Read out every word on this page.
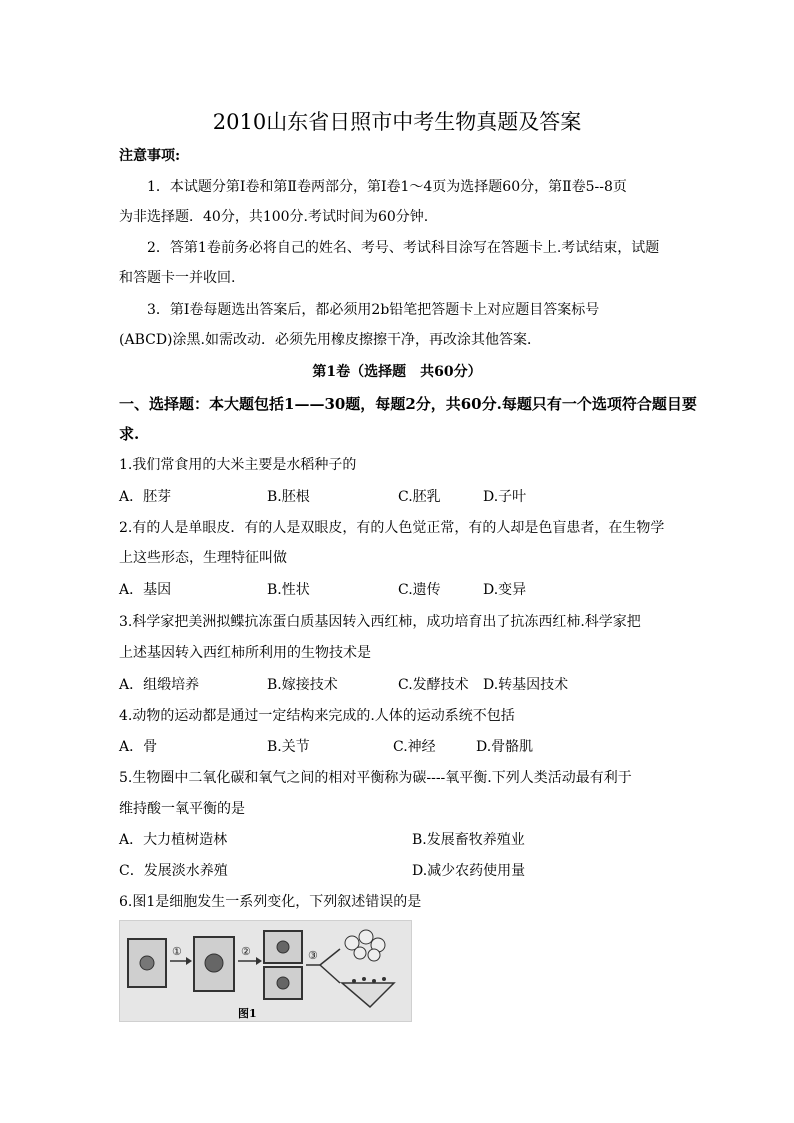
2010山东省日照市中考生物真题及答案
注意事项:
1．本试题分第Ⅰ卷和第Ⅱ卷两部分，第Ⅰ卷1～4页为选择题60分，第Ⅱ卷5--8页
为非选择题．40分，共100分.考试时间为60分钟.
2．答第1卷前务必将自己的姓名、考号、考试科目涂写在答题卡上.考试结束，试题
和答题卡一并收回.
3．第Ⅰ卷每题选出答案后，都必须用2b铅笔把答题卡上对应题目答案标号
(ABCD)涂黑.如需改动．必须先用橡皮擦擦干净，再改涂其他答案．
第1卷（选择题　共60分）
一、选择题：本大题包括1——30题，每题2分，共60分.每题只有一个选项符合题目要
求.
1.我们常食用的大米主要是水稻种子的
A．胚芽	B.胚根	C.胚乳	D.子叶
2.有的人是单眼皮．有的人是双眼皮，有的人色觉正常，有的人却是色盲患者，在生物学
上这些形态，生理特征叫做
A．基因	B.性状	C.遗传	D.变异
3.科学家把美洲拟鲽抗冻蛋白质基因转入西红柿，成功培育出了抗冻西红柿.科学家把
上述基因转入西红柿所利用的生物技术是
A．组缎培养	B.嫁接技术	C.发酵技术 D.转基因技术
4.动物的运动都是通过一定结构来完成的.人体的运动系统不包括
A．骨	B.关节	C.神经	D.骨骼肌
5.生物圈中二氧化碳和氧气之间的相对平衡称为碳----氧平衡.下列人类活动最有利于
维持酸一氧平衡的是
A．大力植树造林	B.发展畜牧养殖业
C．发展淡水养殖	D.减少农药使用量
6.图1是细胞发生一系列变化，下列叙述错误的是
①	②	③
图1
